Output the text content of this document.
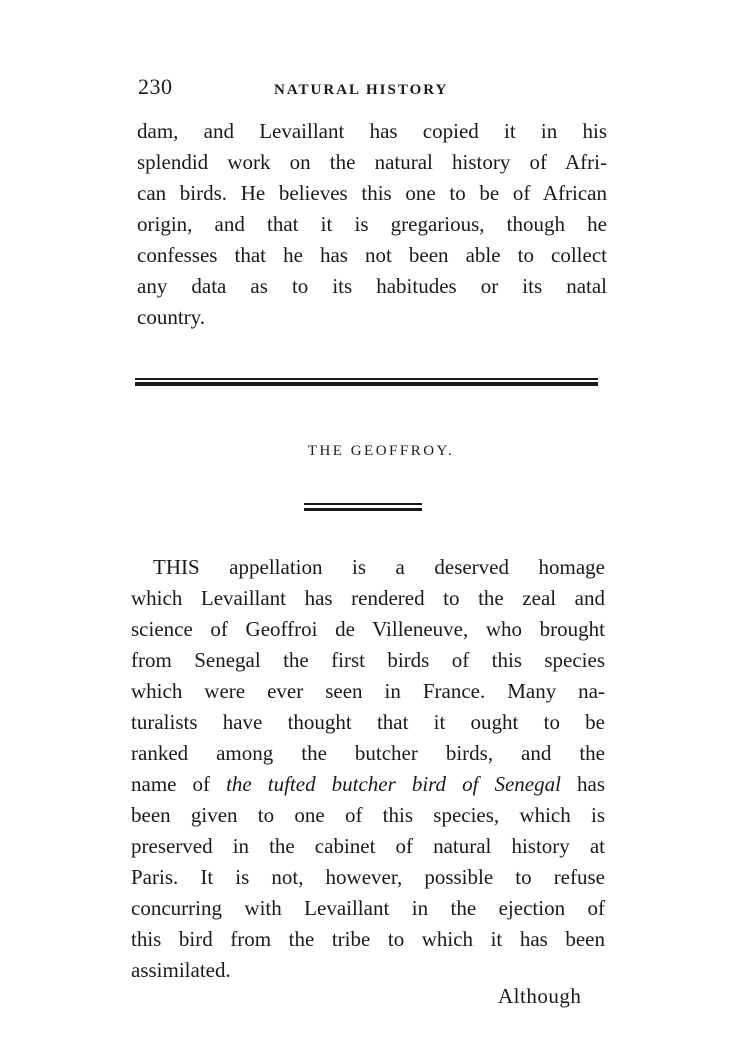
230	NATURAL HISTORY
dam, and Levaillant has copied it in his
splendid work on the natural history of Afri-
can birds. He believes this one to be of African
origin, and that it is gregarious, though he
confesses that he has not been able to collect
any data as to its habitudes or its natal
country.
THE GEOFFROY.
THIS appellation is a deserved homage
which Levaillant has rendered to the zeal and
science of Geoffroi de Villeneuve, who brought
from Senegal the first birds of this species
which were ever seen in France. Many na-
turalists have thought that it ought to be
ranked among the butcher birds, and the
name of the tufted butcher bird of Senegal has
been given to one of this species, which is
preserved in the cabinet of natural history at
Paris. It is not, however, possible to refuse
concurring with Levaillant in the ejection of
this bird from the tribe to which it has been
assimilated.
Although
